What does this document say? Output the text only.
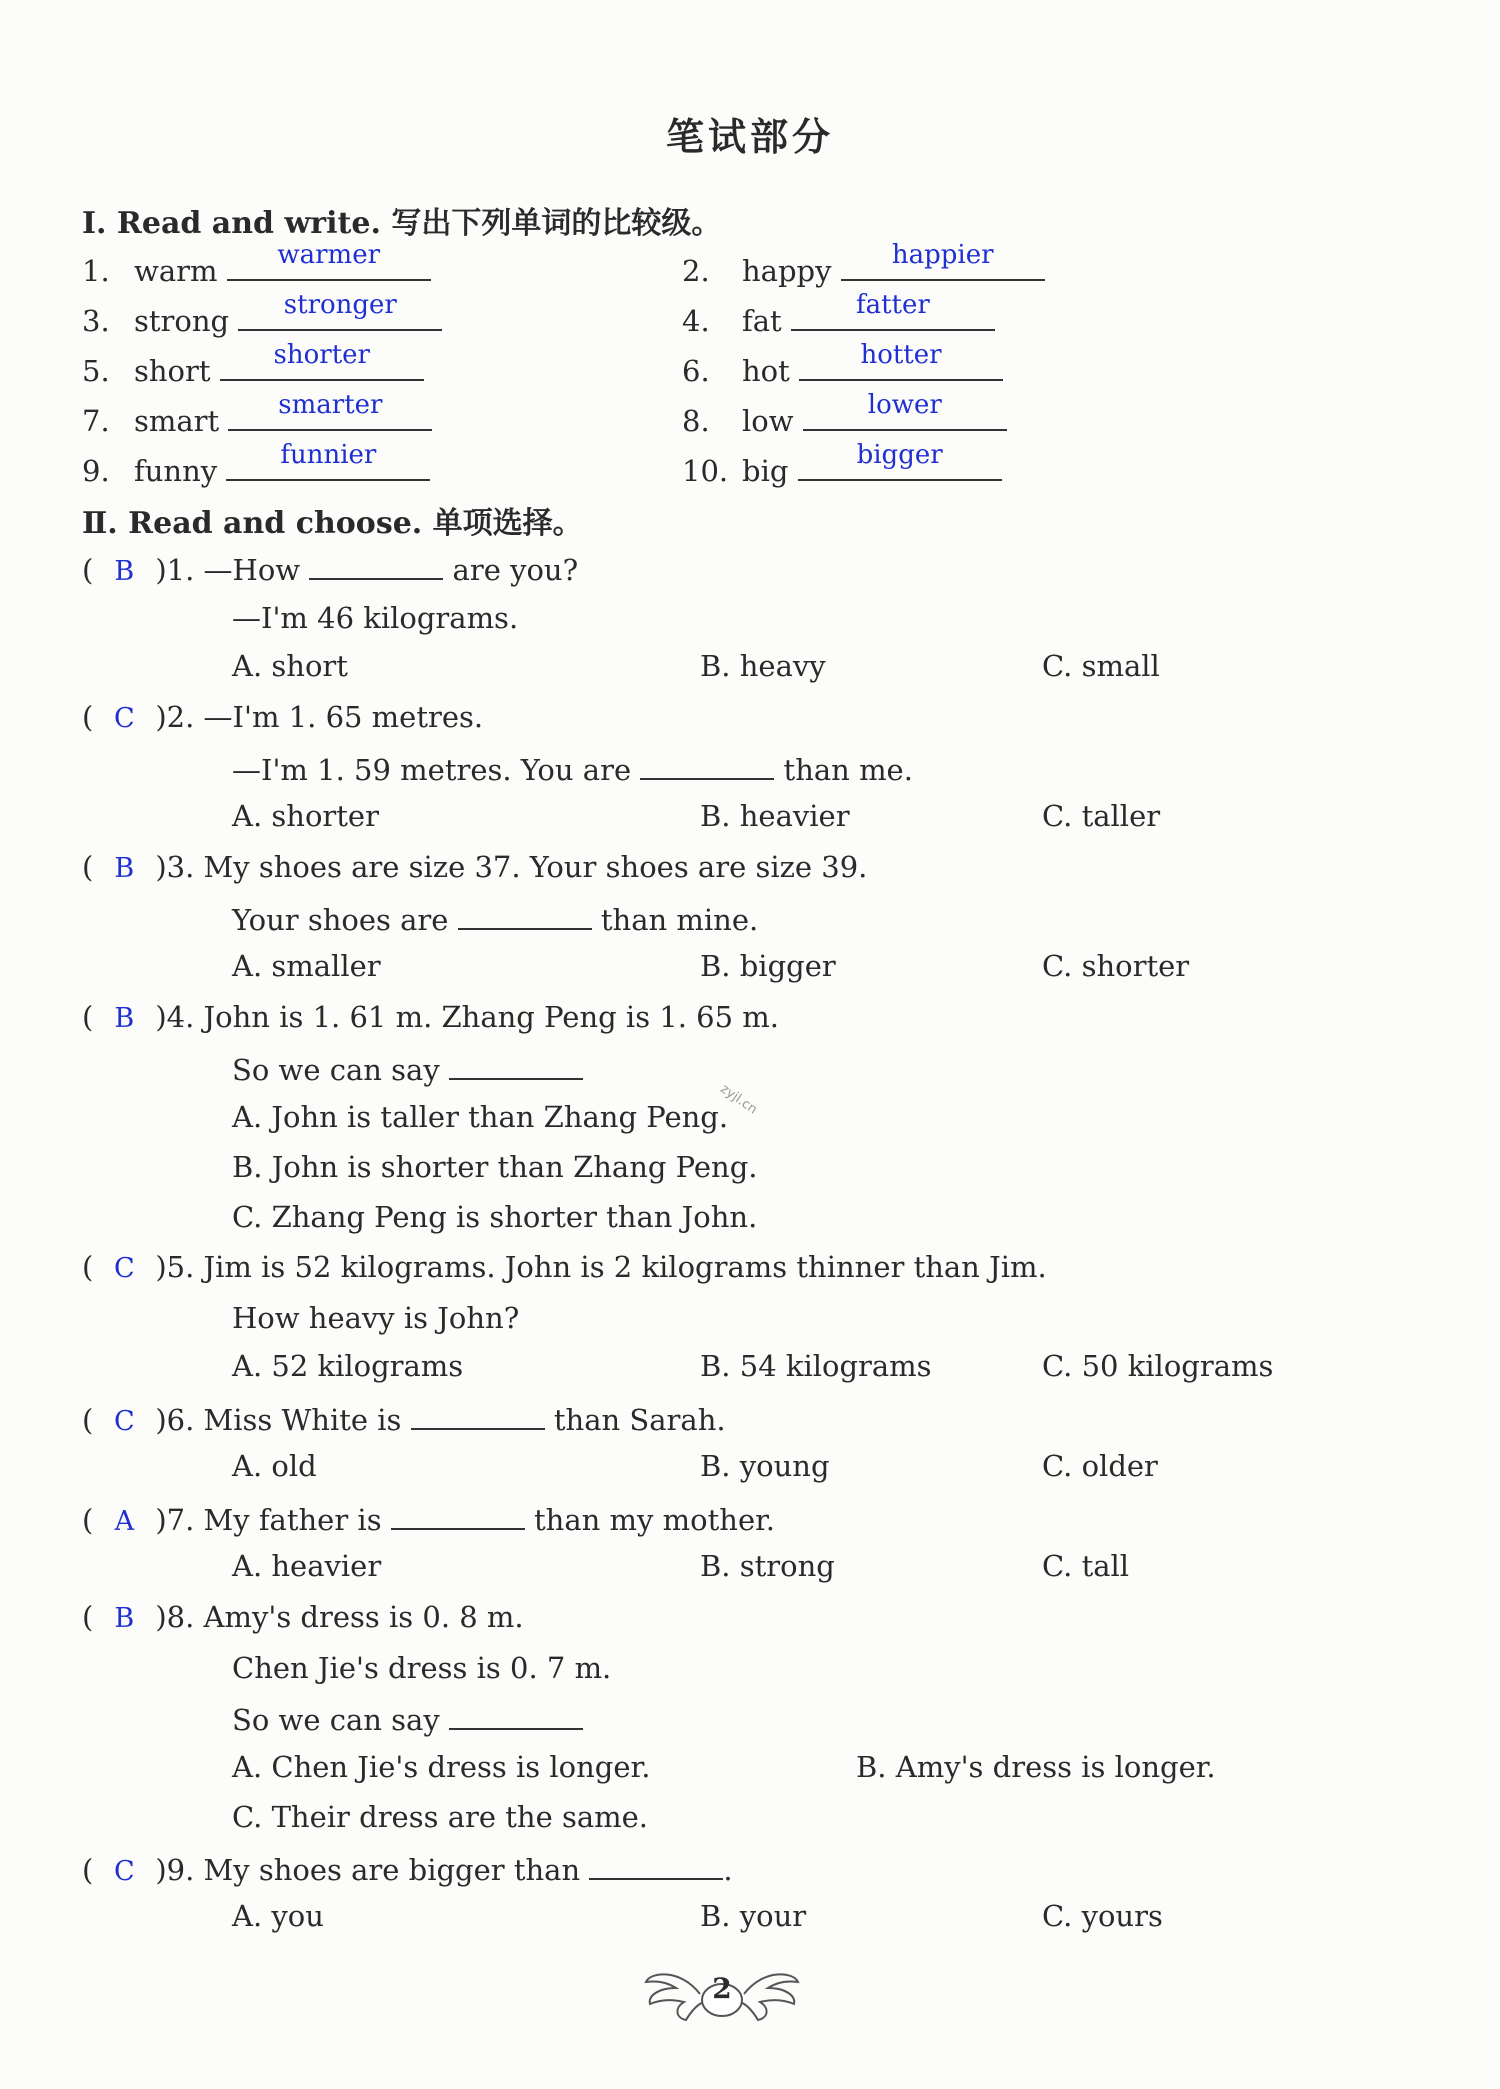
笔试部分
Ⅰ. Read and write. 写出下列单词的比较级。
1. warm	warmer	2. happy	happier
3. strong	stronger	4. fat	fatter
5. short	shorter	6. hot	hotter
7. smart	smarter	8. low	lower
9. funny	funnier	10. big	bigger
Ⅱ. Read and choose. 单项选择。
( B )1. —How	are you?
—I'm 46 kilograms.
A. short	B. heavy	C. small
( C )2. —I'm 1. 65 metres.
—I'm 1. 59 metres. You are	than me.
A. shorter	B. heavier	C. taller
( B )3. My shoes are size 37. Your shoes are size 39.
Your shoes are	than mine.
A. smaller	B. bigger	C. shorter
( B )4. John is 1. 61 m. Zhang Peng is 1. 65 m.
So we can say
A. John is taller than Zhang Peng.
B. John is shorter than Zhang Peng.
C. Zhang Peng is shorter than John.
zyjl.cn
( C )5. Jim is 52 kilograms. John is 2 kilograms thinner than Jim.
How heavy is John?
A. 52 kilograms	B. 54 kilograms	C. 50 kilograms
( C )6. Miss White is	than Sarah.
A. old	B. young	C. older
( A )7. My father is	than my mother.
A. heavier	B. strong	C. tall
( B )8. Amy's dress is 0. 8 m.
Chen Jie's dress is 0. 7 m.
So we can say
A. Chen Jie's dress is longer.	B. Amy's dress is longer.
C. Their dress are the same.
( C )9. My shoes are bigger than	.
A. you	B. your	C. yours
2
